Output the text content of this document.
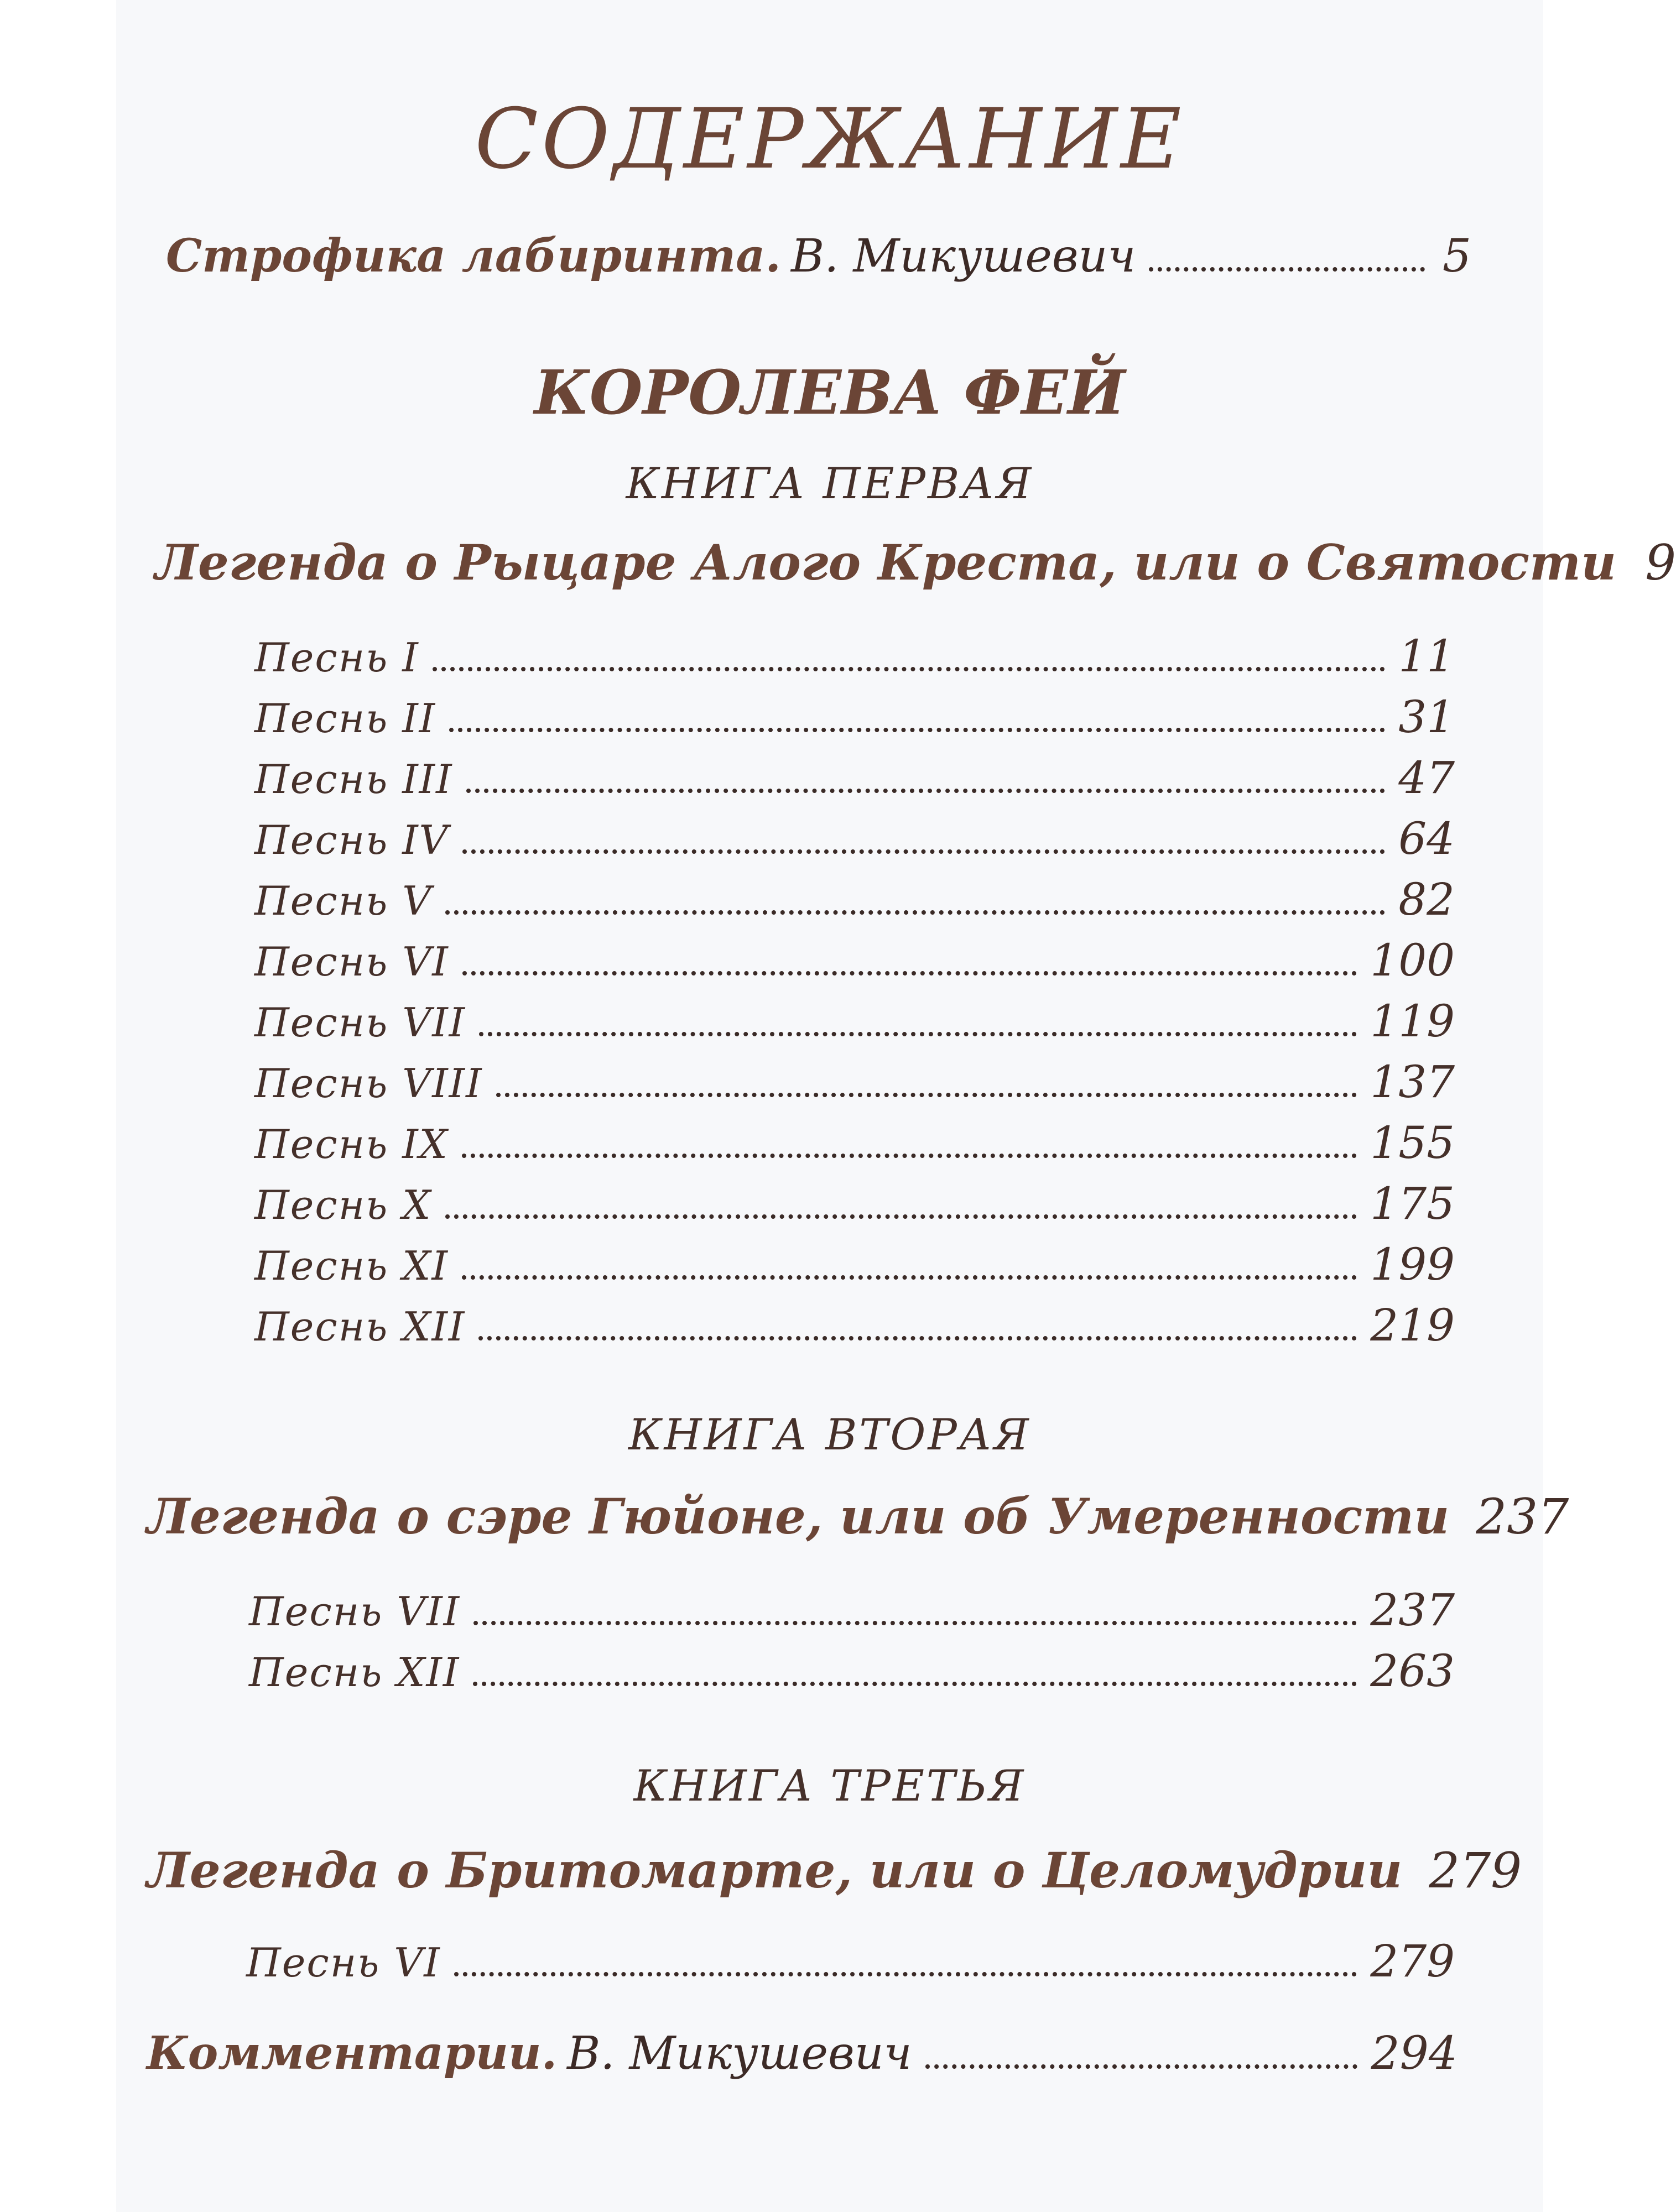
СОДЕРЖАНИЕ
Строфика лабиринта. В. Микушевич	5
КОРОЛЕВА ФЕЙ
КНИГА ПЕРВАЯ
Легенда о Рыцаре Алого Креста, или о Святости 9
Песнь I	11
Песнь II	31
Песнь III	47
Песнь IV	64
Песнь V	82
Песнь VI	100
Песнь VII	119
Песнь VIII	137
Песнь IX	155
Песнь X	175
Песнь XI	199
Песнь XII	219
КНИГА ВТОРАЯ
Легенда о сэре Гюйоне, или об Умеренности 237
Песнь VII	237
Песнь XII	263
КНИГА ТРЕТЬЯ
Легенда о Бритомарте, или о Целомудрии 279
Песнь VI	279
Комментарии. В. Микушевич	294
